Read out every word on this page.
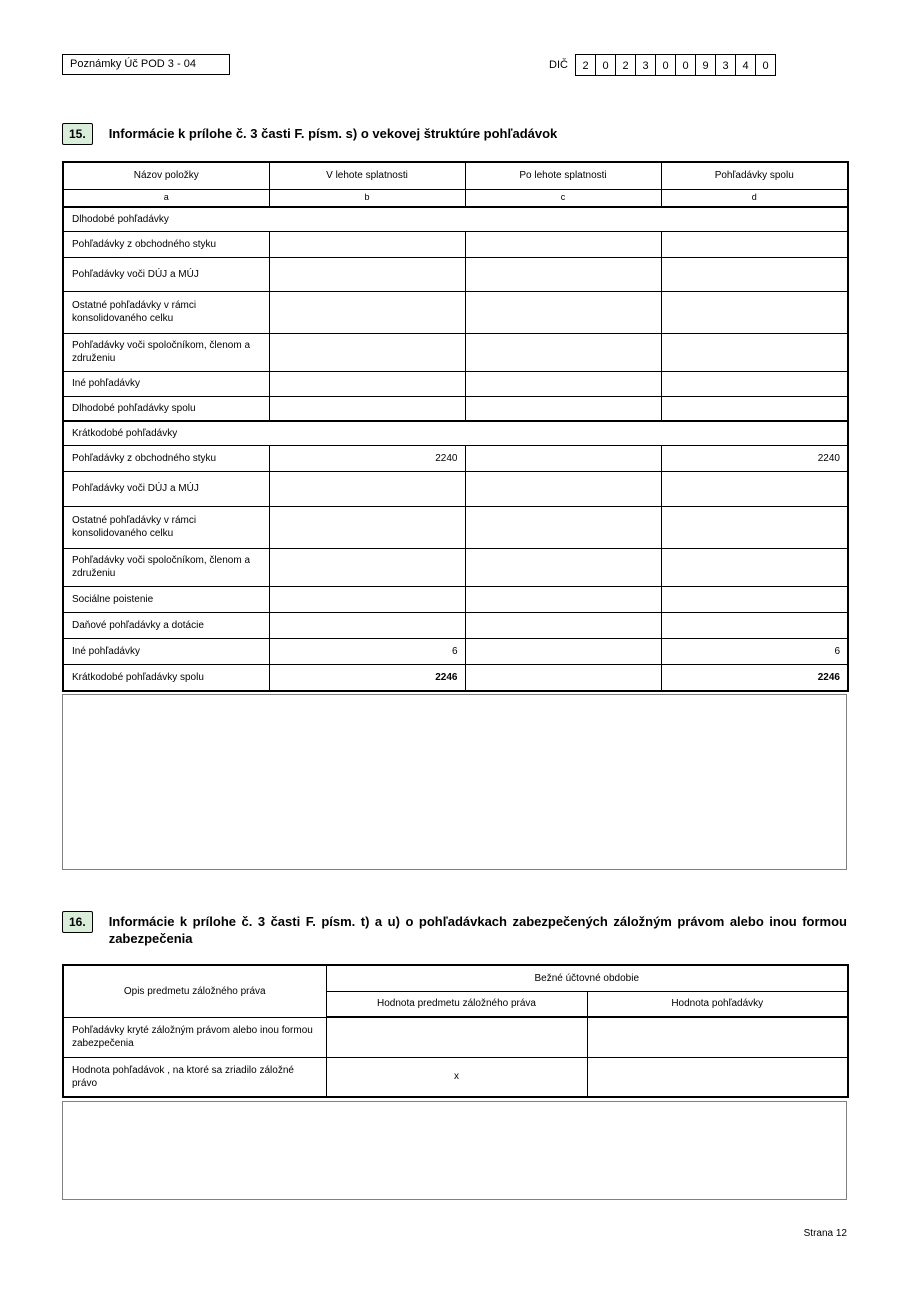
Poznámky Úč POD 3 - 04	DIČ	2	0	2	3	0	0	9	3	4	0
15.	Informácie k prílohe č. 3 časti F. písm. s) o vekovej štruktúre pohľadávok
Názov položky	V lehote splatnosti	Po lehote splatnosti	Pohľadávky spolu
a	b	c	d
Dlhodobé pohľadávky			
Pohľadávky z obchodného styku			
Pohľadávky voči DÚJ a MÚJ			
Ostatné pohľadávky v rámci konsolidovaného celku			
Pohľadávky voči spoločníkom, členom a združeniu			
Iné pohľadávky			
Dlhodobé pohľadávky spolu			
Krátkodobé pohľadávky			
Pohľadávky z obchodného styku	2240		2240
Pohľadávky voči DÚJ a MÚJ			
Ostatné pohľadávky v rámci konsolidovaného celku			
Pohľadávky voči spoločníkom, členom a združeniu			
Sociálne poistenie			
Daňové pohľadávky a dotácie			
Iné pohľadávky	6		6
Krátkodobé pohľadávky spolu	2246		2246
16.	Informácie k prílohe č. 3 časti F. písm. t) a u) o pohľadávkach zabezpečených záložným právom alebo inou formou zabezpečenia
Opis predmetu záložného práva	Bežné účtovné obdobie	
	Hodnota predmetu záložného práva	Hodnota pohľadávky
Pohľadávky kryté záložným právom alebo inou formou zabezpečenia		
Hodnota pohľadávok , na ktoré sa zriadilo záložné právo	x	
Strana 12
